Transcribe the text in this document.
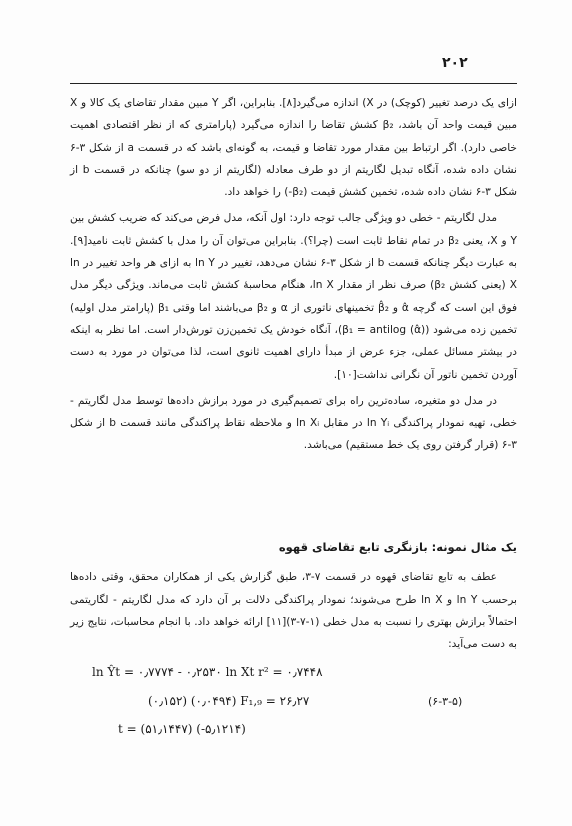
۲۰۲

ازای یک درصد تغییر (کوچک) در X) اندازه می‌گیرد[۸]. بنابراین، اگر Y مبین مقدار تقاضای یک کالا و X مبین قیمت واحد آن باشد، β₂ کشش تقاضا را اندازه می‌گیرد (پارامتری که از نظر اقتصادی اهمیت خاصی دارد). اگر ارتباط بین مقدار مورد تقاضا و قیمت، به گونه‌ای باشد که در قسمت a از شکل ۳-۶ نشان داده شده، آنگاه تبدیل لگاریتم از دو طرف معادله (لگاریتم از دو سو) چنانکه در قسمت b از شکل ۳-۶ نشان داده شده، تخمین کشش قیمت (β₂-) را خواهد داد.

مدل لگاریتم - خطی دو ویژگی جالب توجه دارد: اول آنکه، مدل فرض می‌کند که ضریب کشش بین Y و X، یعنی β₂ در تمام نقاط ثابت است (چرا؟). بنابراین می‌توان آن را مدل با کشش ثابت نامید[۹]. به عبارت دیگر چنانکه قسمت b از شکل ۳-۶ نشان می‌دهد، تغییر در ln Y به ازای هر واحد تغییر در ln X (یعنی کشش β₂) صرف نظر از مقدار ln X، هنگام محاسبهٔ کشش ثابت می‌ماند. ویژگی دیگر مدل فوق این است که گرچه α̂ و β̂₂ تخمینهای ناتوری از α و β₂ می‌باشند اما وقتی β₁ (پارامتر مدل اولیه) تخمین زده می‌شود (β₁ = antilog (α̂))، آنگاه خودش یک تخمین‌زن تورش‌دار است. اما نظر به اینکه در بیشتر مسائل عملی، جزء عرض از مبدأ دارای اهمیت ثانوی است، لذا می‌توان در مورد به دست آوردن تخمین ناتور آن نگرانی نداشت[۱۰].

در مدل دو متغیره، ساده‌ترین راه برای تصمیم‌گیری در مورد برازش داده‌ها توسط مدل لگاریتم - خطی، تهیه نمودار پراکندگی ln Yᵢ در مقابل ln Xᵢ و ملاحظه نقاط پراکندگی مانند قسمت b از شکل ۳-۶ (قرار گرفتن روی یک خط مستقیم) می‌باشد.

یک مثال نمونه: بازنگری تابع تقاضای قهوه

عطف به تابع تقاضای قهوه در قسمت ۷-۳، طبق گزارش یکی از همکاران محقق، وقتی داده‌ها برحسب ln Y و ln X طرح می‌شوند؛ نمودار پراکندگی دلالت بر آن دارد که مدل لگاریتم - لگاریتمی احتمالاً برازش بهتری را نسبت به مدل خطی (۱-۷-۳)[۱۱] ارائه خواهد داد. با انجام محاسبات، نتایج زیر به دست می‌آید:

ln Ŷt = ۰٫۷۷۷۴ - ۰٫۲۵۳۰ ln Xt r² = ۰٫۷۴۴۸
(۰٫۱۵۲) (۰٫۰۴۹۴) F₁,₉ = ۲۶٫۲۷
t = (۵۱٫۱۴۴۷) (-۵٫۱۲۱۴)
(۶-۳-۵)
